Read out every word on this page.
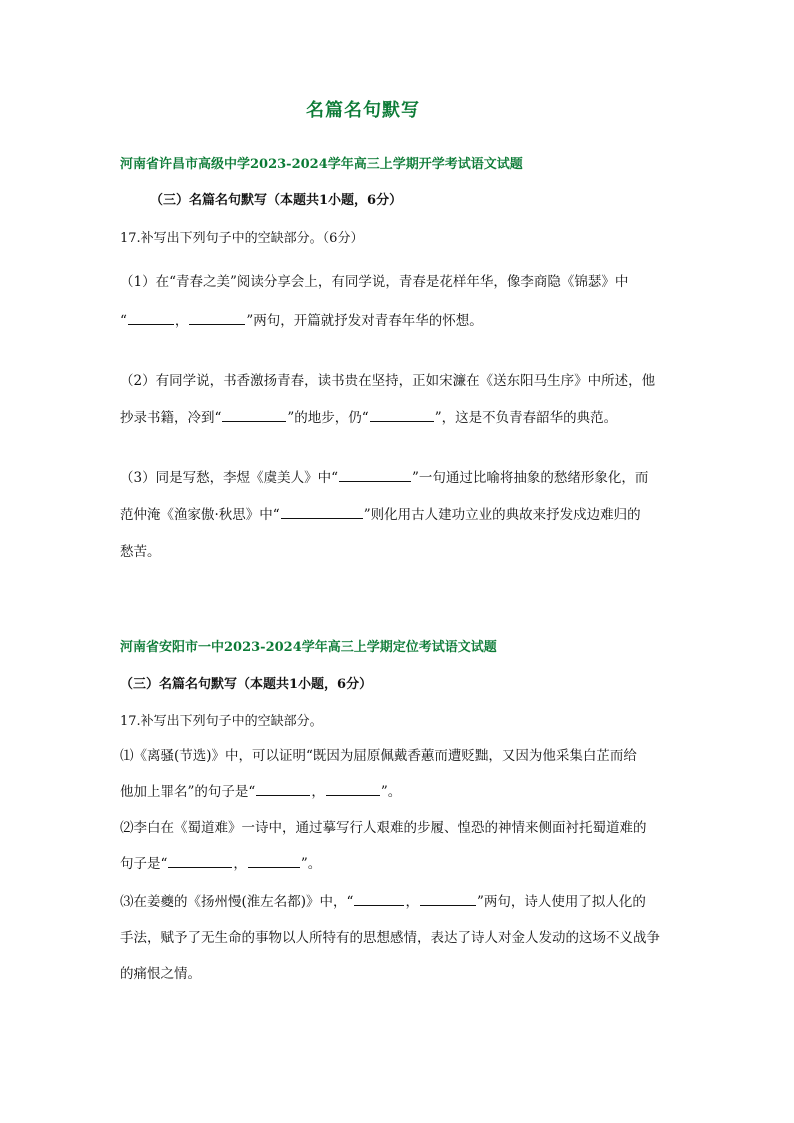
名篇名句默写
河南省许昌市高级中学2023-2024学年高三上学期开学考试语文试题
（三）名篇名句默写（本题共1小题，6分）
17.补写出下列句子中的空缺部分。（6分）
（1）在“青春之美”阅读分享会上，有同学说，青春是花样年华，像李商隐《锦瑟》中
“	，	”两句，开篇就抒发对青春年华的怀想。
（2）有同学说，书香激扬青春，读书贵在坚持，正如宋濂在《送东阳马生序》中所述，他
抄录书籍，冷到“	”的地步，仍“	”，这是不负青春韶华的典范。
（3）同是写愁，李煜《虞美人》中“	”一句通过比喻将抽象的愁绪形象化，而
范仲淹《渔家傲·秋思》中“	”则化用古人建功立业的典故来抒发戍边难归的
愁苦。
河南省安阳市一中2023-2024学年高三上学期定位考试语文试题
（三）名篇名句默写（本题共1小题，6分）
17.补写出下列句子中的空缺部分。
⑴《离骚(节选)》中，可以证明“既因为屈原佩戴香蕙而遭贬黜，又因为他采集白芷而给
他加上罪名”的句子是“	，	”。
⑵李白在《蜀道难》一诗中，通过摹写行人艰难的步履、惶恐的神情来侧面衬托蜀道难的
句子是“	，	”。
⑶在姜夔的《扬州慢(淮左名都)》中，“	，	”两句，诗人使用了拟人化的
手法，赋予了无生命的事物以人所特有的思想感情，表达了诗人对金人发动的这场不义战争
的痛恨之情。
